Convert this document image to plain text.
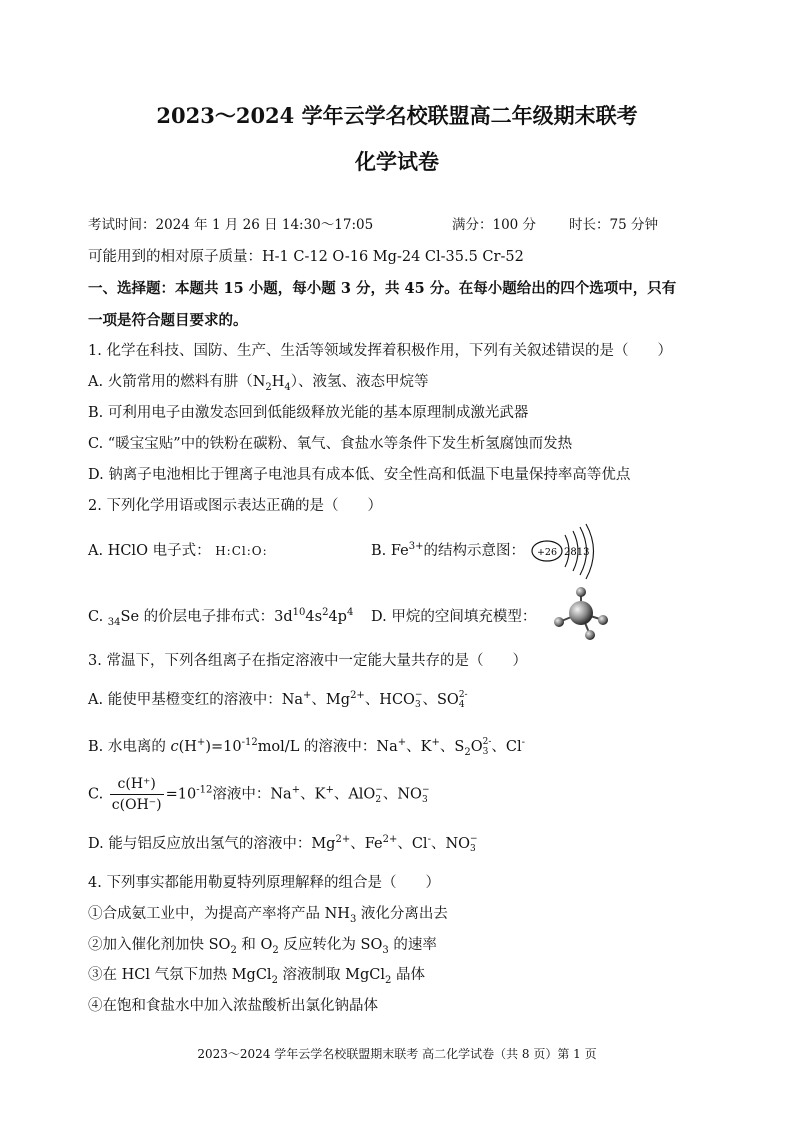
2023～2024 学年云学名校联盟高二年级期末联考
化学试卷
考试时间：2024 年 1 月 26 日 14:30～17:05	满分：100 分 时长：75 分钟
可能用到的相对原子质量：H-1 C-12 O-16 Mg-24 Cl-35.5 Cr-52
一、选择题：本题共 15 小题，每小题 3 分，共 45 分。在每小题给出的四个选项中，只有
一项是符合题目要求的。
1. 化学在科技、国防、生产、生活等领域发挥着积极作用，下列有关叙述错误的是（　　）
A. 火箭常用的燃料有肼$(N_2H_4)$、液氢、液态甲烷等
B. 可利用电子由激发态回到低能级释放光能的基本原理制成激光武器
C. “暖宝宝贴”中的铁粉在碳粉、氧气、食盐水等条件下发生析氢腐蚀而发热
D. 钠离子电池相比于锂离子电池具有成本低、安全性高和低温下电量保持率高等优点
2. 下列化学用语或图示表达正确的是（　　）
A. HClO 电子式： H:Cl:O:	B. $Fe^{3+}$的结构示意图： +26 2813
C. $_{34}$Se 的价层电子排布式：$3d^{10}4s^24p^4$ D. 甲烷的空间填充模型：
3. 常温下，下列各组离子在指定溶液中一定能大量共存的是（　　）
A. 能使甲基橙变红的溶液中：Na+、$Mg^{2+}$、HCO −
3 、SO 2-
4
B. 水电离的 $c(H^+)=10^{-12}mol/L$ 的溶液中：Na+、K+、$S_2O$ 2-
3 、Cl-
C. $\frac{c(H^+)}{c(OH^-)} =10^{-12}$溶液中：Na+、K+、AlO −
2 、NO −
3
D. 能与铝反应放出氢气的溶液中：$Mg^{2+}$、$Fe^{2+}$、Cl-、NO −
3
4. 下列事实都能用勒夏特列原理解释的组合是（　　）
①合成氨工业中，为提高产率将产品 $NH_3$ 液化分离出去
②加入催化剂加快 $SO_2$ 和 $O_2$ 反应转化为 $SO_3$ 的速率
③在 HCl 气氛下加热 MgCl$_2$ 溶液制取 MgCl$_2$ 晶体
④在饱和食盐水中加入浓盐酸析出氯化钠晶体
2023～2024 学年云学名校联盟期末联考 高二化学试卷（共 8 页）第 1 页
